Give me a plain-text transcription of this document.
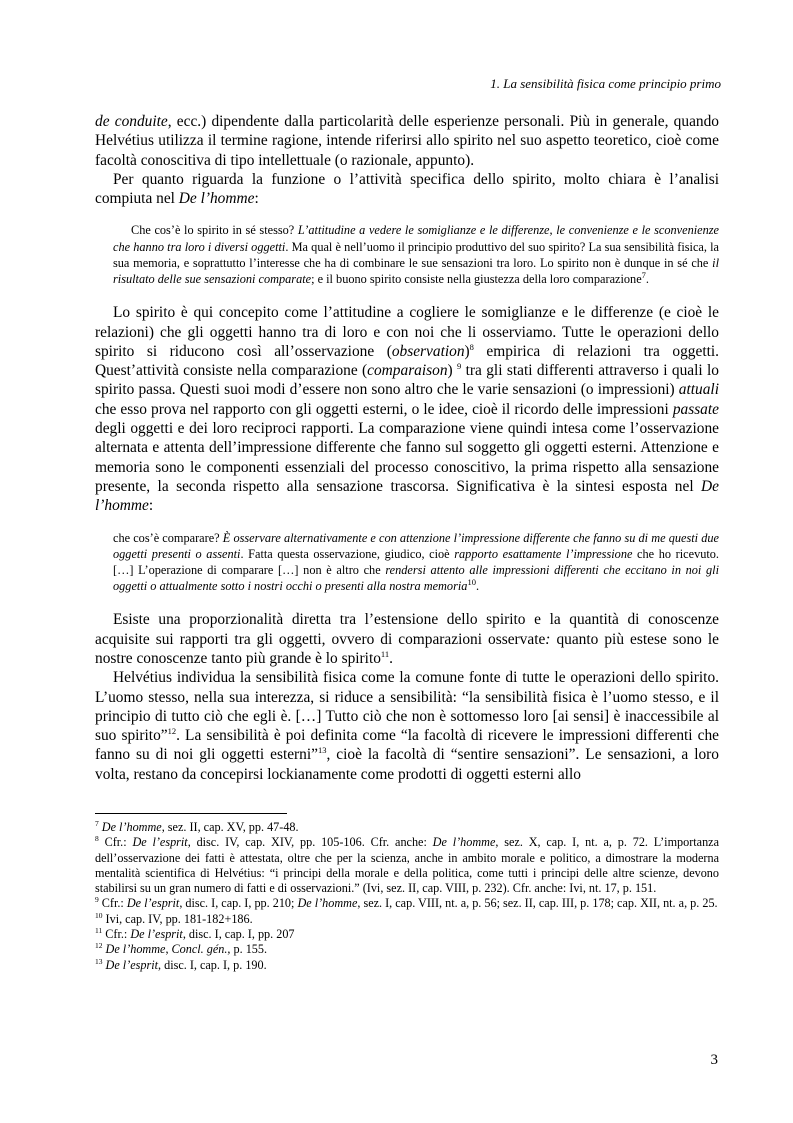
1. La sensibilità fisica come principio primo

de conduite, ecc.) dipendente dalla particolarità delle esperienze personali. Più in generale, quando Helvétius utilizza il termine ragione, intende riferirsi allo spirito nel suo aspetto teoretico, cioè come facoltà conoscitiva di tipo intellettuale (o razionale, appunto).

Per quanto riguarda la funzione o l’attività specifica dello spirito, molto chiara è l’analisi compiuta nel De l’homme:

Che cos’è lo spirito in sé stesso? L’attitudine a vedere le somiglianze e le differenze, le convenienze e le sconvenienze che hanno tra loro i diversi oggetti. Ma qual è nell’uomo il principio produttivo del suo spirito? La sua sensibilità fisica, la sua memoria, e soprattutto l’interesse che ha di combinare le sue sensazioni tra loro. Lo spirito non è dunque in sé che il risultato delle sue sensazioni comparate; e il buono spirito consiste nella giustezza della loro comparazione$^7$.

Lo spirito è qui concepito come l’attitudine a cogliere le somiglianze e le differenze (e cioè le relazioni) che gli oggetti hanno tra di loro e con noi che li osserviamo. Tutte le operazioni dello spirito si riducono così all’osservazione (observation)$^8$ empirica di relazioni tra oggetti. Quest’attività consiste nella comparazione (comparaison) $^9$ tra gli stati differenti attraverso i quali lo spirito passa. Questi suoi modi d’essere non sono altro che le varie sensazioni (o impressioni) attuali che esso prova nel rapporto con gli oggetti esterni, o le idee, cioè il ricordo delle impressioni passate degli oggetti e dei loro reciproci rapporti. La comparazione viene quindi intesa come l’osservazione alternata e attenta dell’impressione differente che fanno sul soggetto gli oggetti esterni. Attenzione e memoria sono le componenti essenziali del processo conoscitivo, la prima rispetto alla sensazione presente, la seconda rispetto alla sensazione trascorsa. Significativa è la sintesi esposta nel De l’homme:

che cos’è comparare? È osservare alternativamente e con attenzione l’impressione differente che fanno su di me questi due oggetti presenti o assenti. Fatta questa osservazione, giudico, cioè rapporto esattamente l’impressione che ho ricevuto. […] L’operazione di comparare […] non è altro che rendersi attento alle impressioni differenti che eccitano in noi gli oggetti o attualmente sotto i nostri occhi o presenti alla nostra memoria$^{10}$.

Esiste una proporzionalità diretta tra l’estensione dello spirito e la quantità di conoscenze acquisite sui rapporti tra gli oggetti, ovvero di comparazioni osservate: quanto più estese sono le nostre conoscenze tanto più grande è lo spirito$^{11}$.

Helvétius individua la sensibilità fisica come la comune fonte di tutte le operazioni dello spirito. L’uomo stesso, nella sua interezza, si riduce a sensibilità: “la sensibilità fisica è l’uomo stesso, e il principio di tutto ciò che egli è. […] Tutto ciò che non è sottomesso loro [ai sensi] è inaccessibile al suo spirito”$^{12}$. La sensibilità è poi definita come “la facoltà di ricevere le impressioni differenti che fanno su di noi gli oggetti esterni”$^{13}$, cioè la facoltà di “sentire sensazioni”. Le sensazioni, a loro volta, restano da concepirsi lockianamente come prodotti di oggetti esterni allo

$^7$ De l’homme, sez. II, cap. XV, pp. 47-48.

$^8$ Cfr.: De l’esprit, disc. IV, cap. XIV, pp. 105-106. Cfr. anche: De l’homme, sez. X, cap. I, nt. a, p. 72. L’importanza dell’osservazione dei fatti è attestata, oltre che per la scienza, anche in ambito morale e politico, a dimostrare la moderna mentalità scientifica di Helvétius: “i principi della morale e della politica, come tutti i principi delle altre scienze, devono stabilirsi su un gran numero di fatti e di osservazioni.” (Ivi, sez. II, cap. VIII, p. 232). Cfr. anche: Ivi, nt. 17, p. 151.

$^9$ Cfr.: De l’esprit, disc. I, cap. I, pp. 210; De l’homme, sez. I, cap. VIII, nt. a, p. 56; sez. II, cap. III, p. 178; cap. XII, nt. a, p. 25.

$^{10}$ Ivi, cap. IV, pp. 181-182+186.

$^{11}$ Cfr.: De l’esprit, disc. I, cap. I, pp. 207

$^{12}$ De l’homme, Concl. gén., p. 155.

$^{13}$ De l’esprit, disc. I, cap. I, p. 190.

3
